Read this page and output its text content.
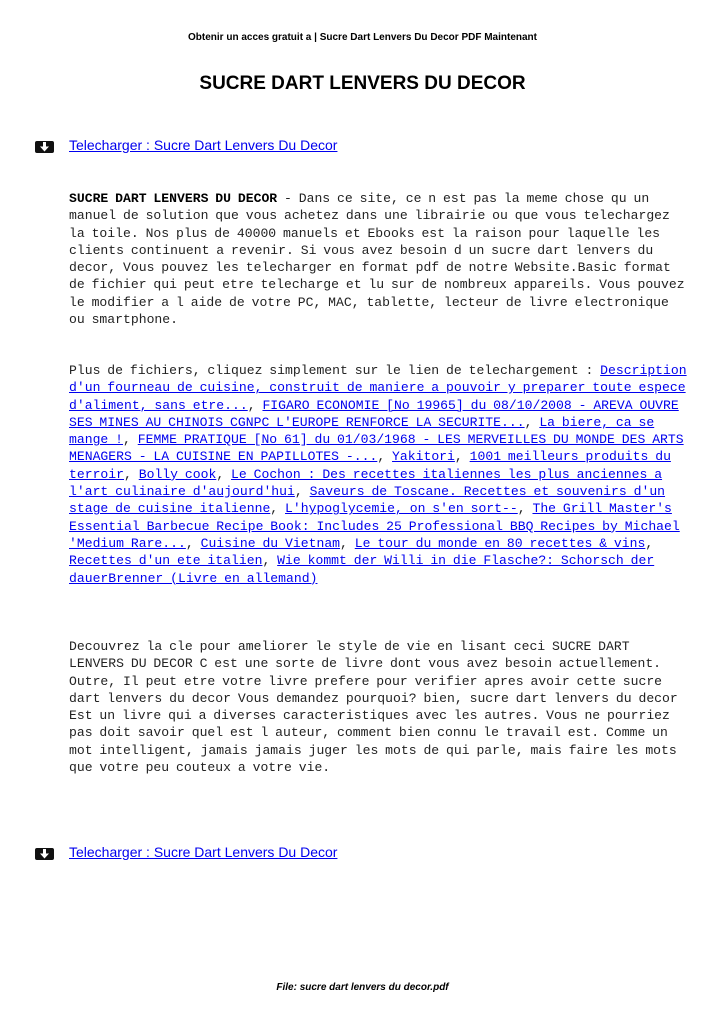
Obtenir un acces gratuit a | Sucre Dart Lenvers Du Decor PDF Maintenant
SUCRE DART LENVERS DU DECOR
Telecharger : Sucre Dart Lenvers Du Decor

SUCRE DART LENVERS DU DECOR - Dans ce site, ce n est pas la meme chose qu un manuel de solution que vous achetez dans une librairie ou que vous telechargez la toile. Nos plus de 40000 manuels et Ebooks est la raison pour laquelle les clients continuent a revenir. Si vous avez besoin d un sucre dart lenvers du decor, Vous pouvez les telecharger en format pdf de notre Website.Basic format de fichier qui peut etre telecharge et lu sur de nombreux appareils. Vous pouvez le modifier a l aide de votre PC, MAC, tablette, lecteur de livre electronique ou smartphone.

Plus de fichiers, cliquez simplement sur le lien de telechargement : Description d'un fourneau de cuisine, construit de maniere a pouvoir y preparer toute espece d'aliment, sans etre..., FIGARO ECONOMIE [No 19965] du 08/10/2008 - AREVA OUVRE SES MINES AU CHINOIS CGNPC L'EUROPE RENFORCE LA SECURITE..., La biere, ca se mange !, FEMME PRATIQUE [No 61] du 01/03/1968 - LES MERVEILLES DU MONDE DES ARTS MENAGERS - LA CUISINE EN PAPILLOTES -..., Yakitori, 1001 meilleurs produits du terroir, Bolly cook, Le Cochon : Des recettes italiennes les plus anciennes a l'art culinaire d'aujourd'hui, Saveurs de Toscane. Recettes et souvenirs d'un stage de cuisine italienne, L'hypoglycemie, on s'en sort--, The Grill Master's Essential Barbecue Recipe Book: Includes 25 Professional BBQ Recipes by Michael 'Medium Rare..., Cuisine du Vietnam, Le tour du monde en 80 recettes & vins, Recettes d'un ete italien, Wie kommt der Willi in die Flasche?: Schorsch der dauerBrenner (Livre en allemand)

Decouvrez la cle pour ameliorer le style de vie en lisant ceci SUCRE DART LENVERS DU DECOR C est une sorte de livre dont vous avez besoin actuellement. Outre, Il peut etre votre livre prefere pour verifier apres avoir cette sucre dart lenvers du decor Vous demandez pourquoi? bien, sucre dart lenvers du decor Est un livre qui a diverses caracteristiques avec les autres. Vous ne pourriez pas doit savoir quel est l auteur, comment bien connu le travail est. Comme un mot intelligent, jamais jamais juger les mots de qui parle, mais faire les mots que votre peu couteux a votre vie.

Telecharger : Sucre Dart Lenvers Du Decor
File: sucre dart lenvers du decor.pdf
